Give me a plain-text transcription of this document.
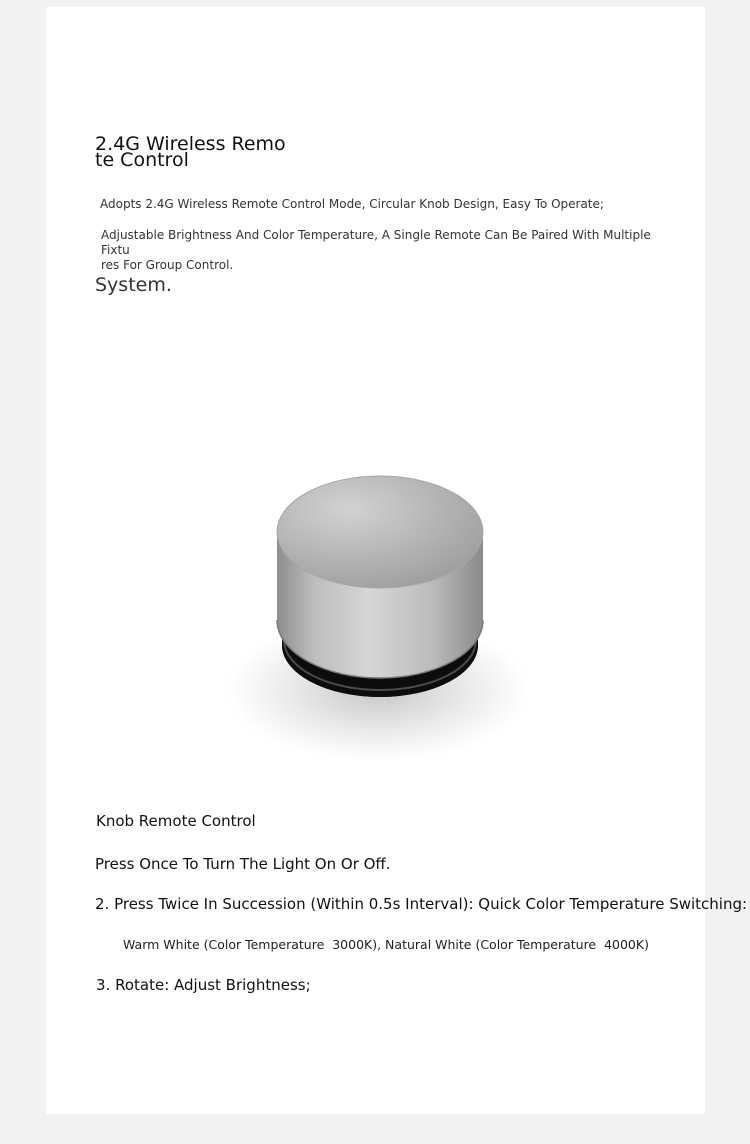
2.4G Wireless Remo
te Control

Adopts 2.4G Wireless Remote Control Mode, Circular Knob Design, Easy To Operate;

Adjustable Brightness And Color Temperature, A Single Remote Can Be Paired With Multiple Fixtu
res For Group Control.

System.

Knob Remote Control

Press Once To Turn The Light On Or Off.

2. Press Twice In Succession (Within 0.5s Interval): Quick Color Temperature Switching:

Warm White (Color Temperature  3000K), Natural White (Color Temperature  4000K)

3. Rotate: Adjust Brightness;
